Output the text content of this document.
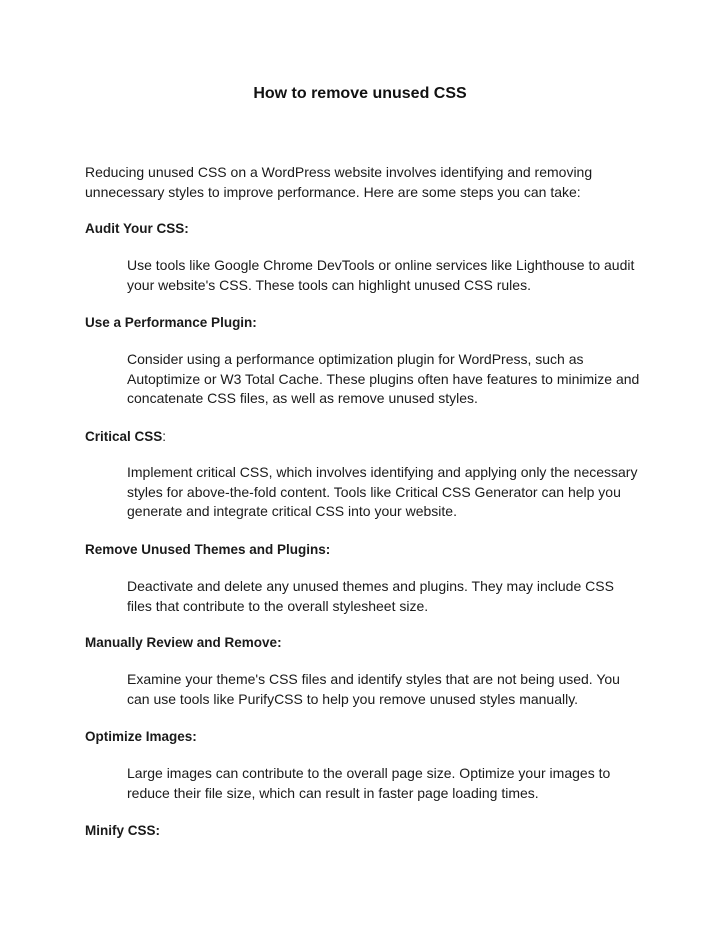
How to remove unused CSS
Reducing unused CSS on a WordPress website involves identifying and removing unnecessary styles to improve performance. Here are some steps you can take:
Audit Your CSS:
Use tools like Google Chrome DevTools or online services like Lighthouse to audit your website's CSS. These tools can highlight unused CSS rules.
Use a Performance Plugin:
Consider using a performance optimization plugin for WordPress, such as Autoptimize or W3 Total Cache. These plugins often have features to minimize and concatenate CSS files, as well as remove unused styles.
Critical CSS:
Implement critical CSS, which involves identifying and applying only the necessary styles for above-the-fold content. Tools like Critical CSS Generator can help you generate and integrate critical CSS into your website.
Remove Unused Themes and Plugins:
Deactivate and delete any unused themes and plugins. They may include CSS files that contribute to the overall stylesheet size.
Manually Review and Remove:
Examine your theme's CSS files and identify styles that are not being used. You can use tools like PurifyCSS to help you remove unused styles manually.
Optimize Images:
Large images can contribute to the overall page size. Optimize your images to reduce their file size, which can result in faster page loading times.
Minify CSS:
